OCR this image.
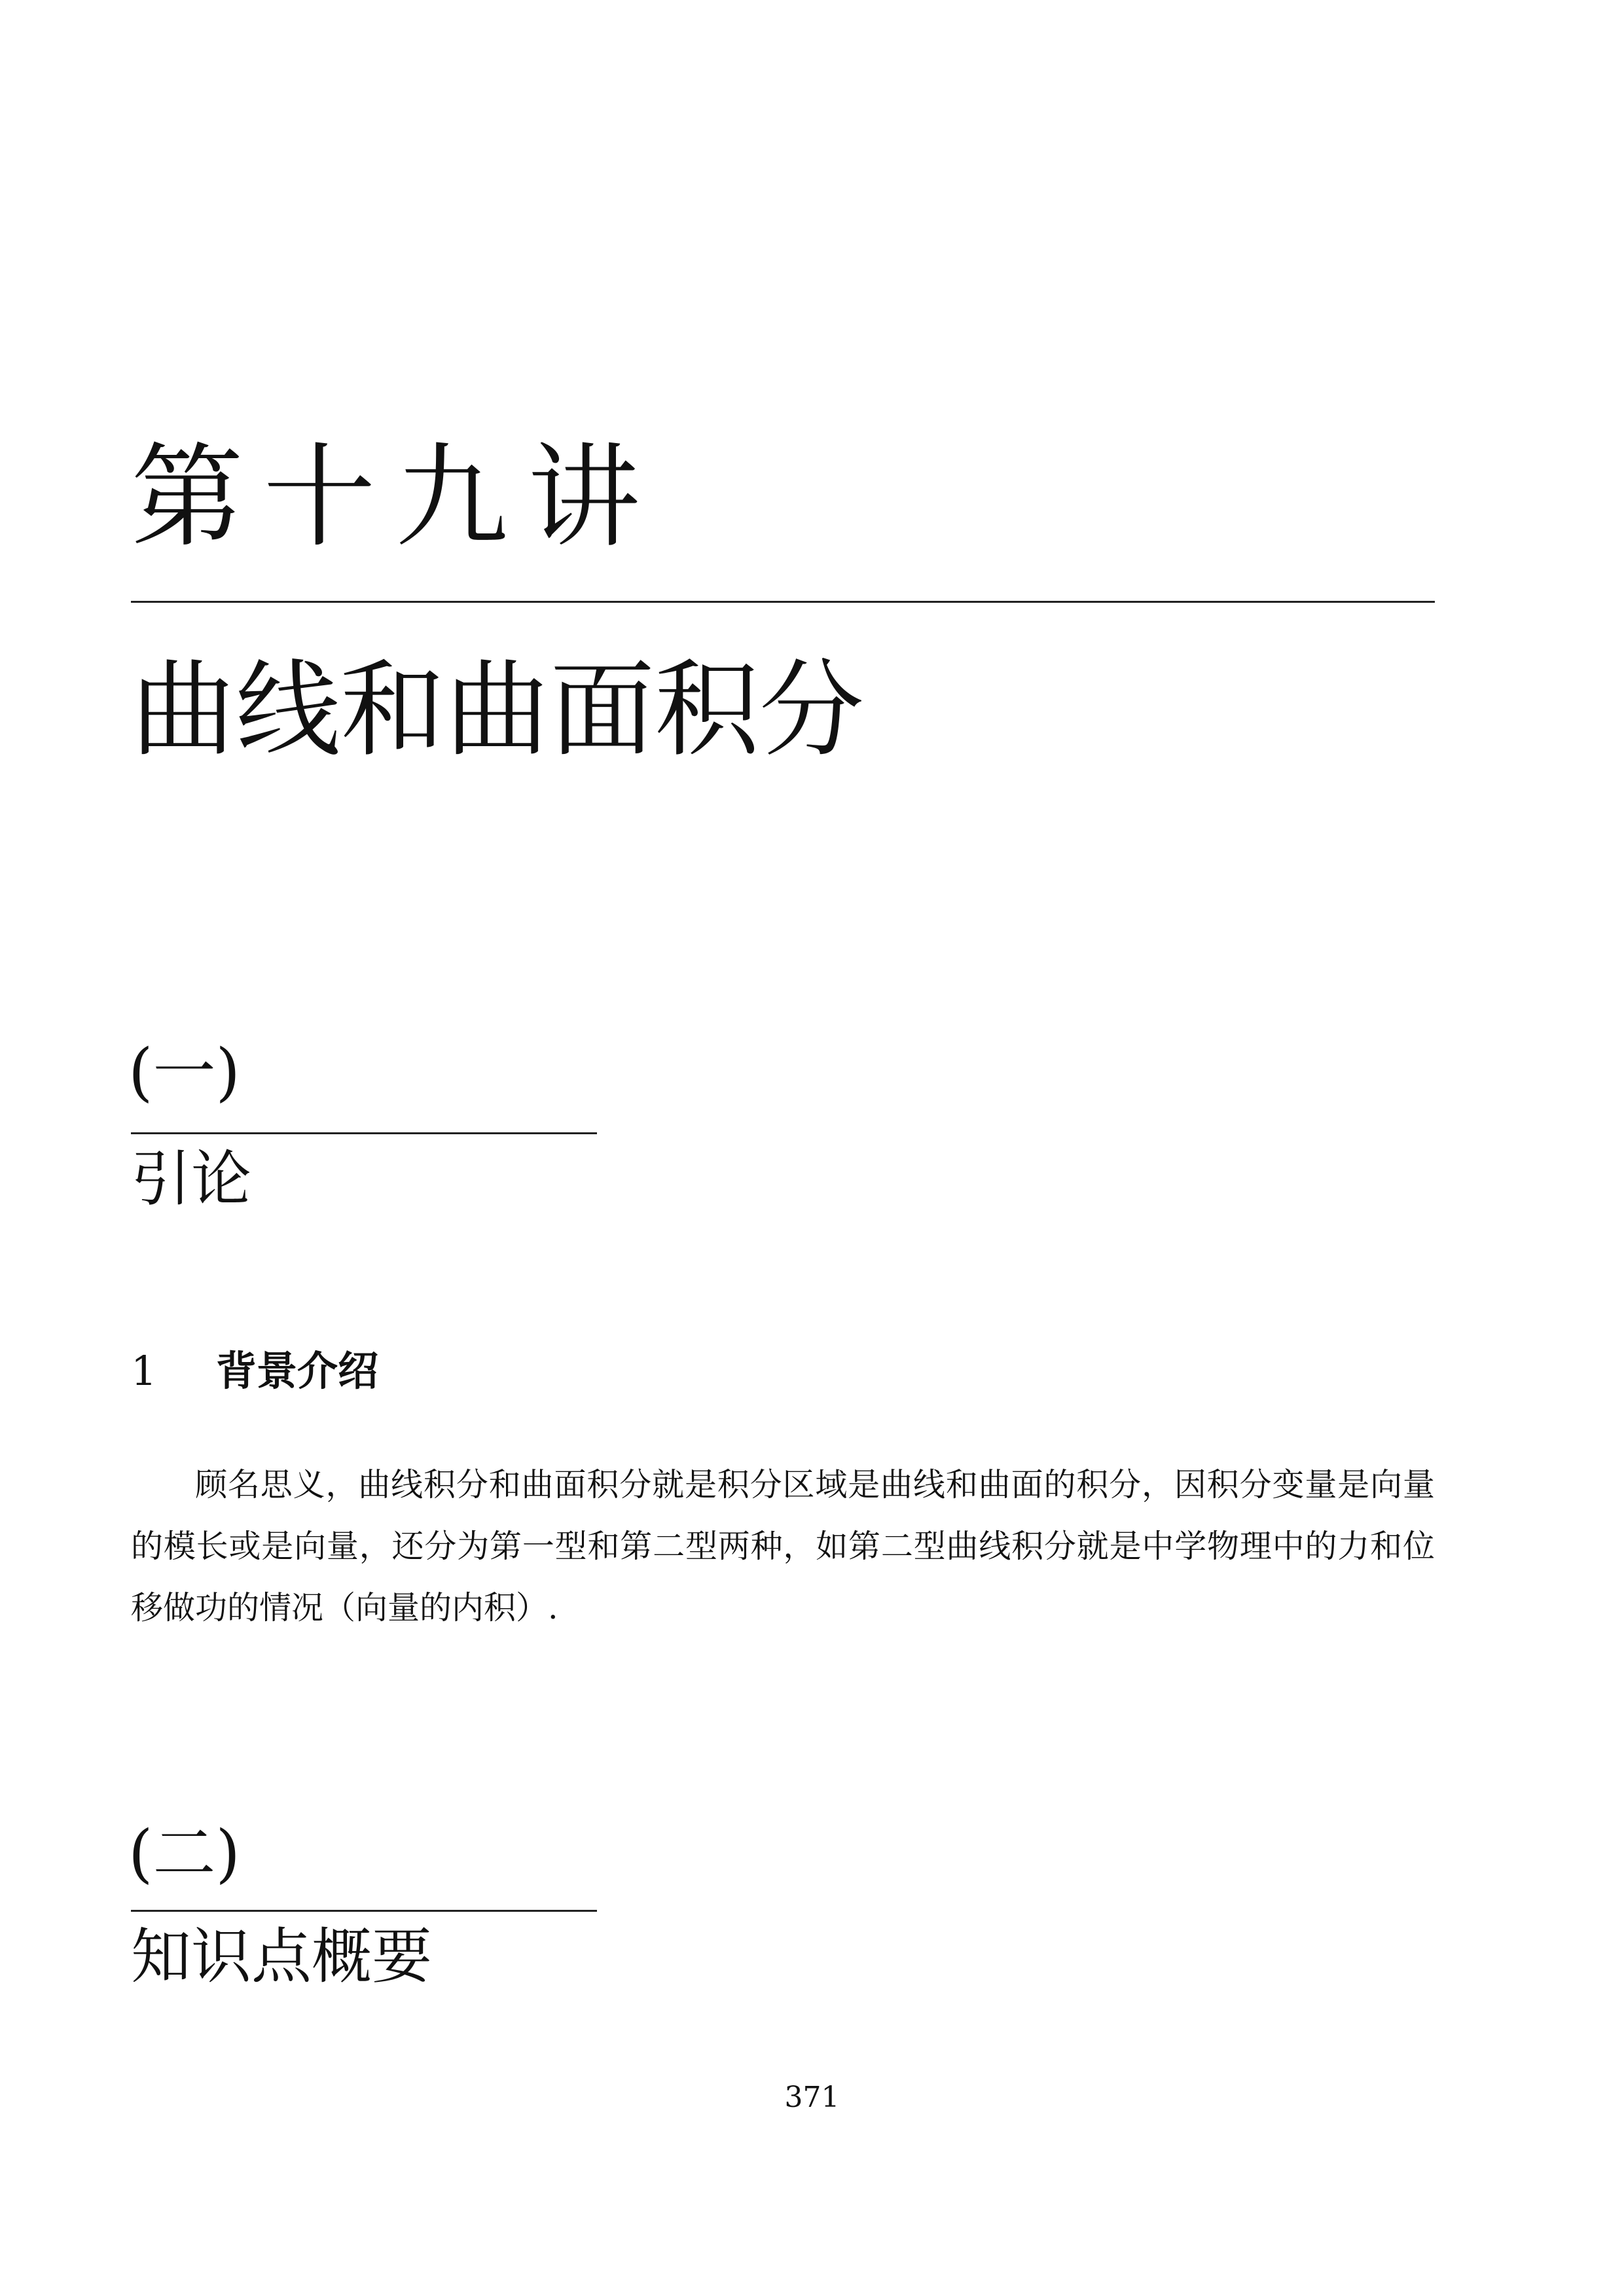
第十九讲
曲线和曲面积分
(一)
引论
1 背景介绍
顾名思义，曲线积分和曲面积分就是积分区域是曲线和曲面的积分，因积分变量是向量
的模长或是向量，还分为第一型和第二型两种，如第二型曲线积分就是中学物理中的力和位
移做功的情况（向量的内积）.
(二)
知识点概要
371
